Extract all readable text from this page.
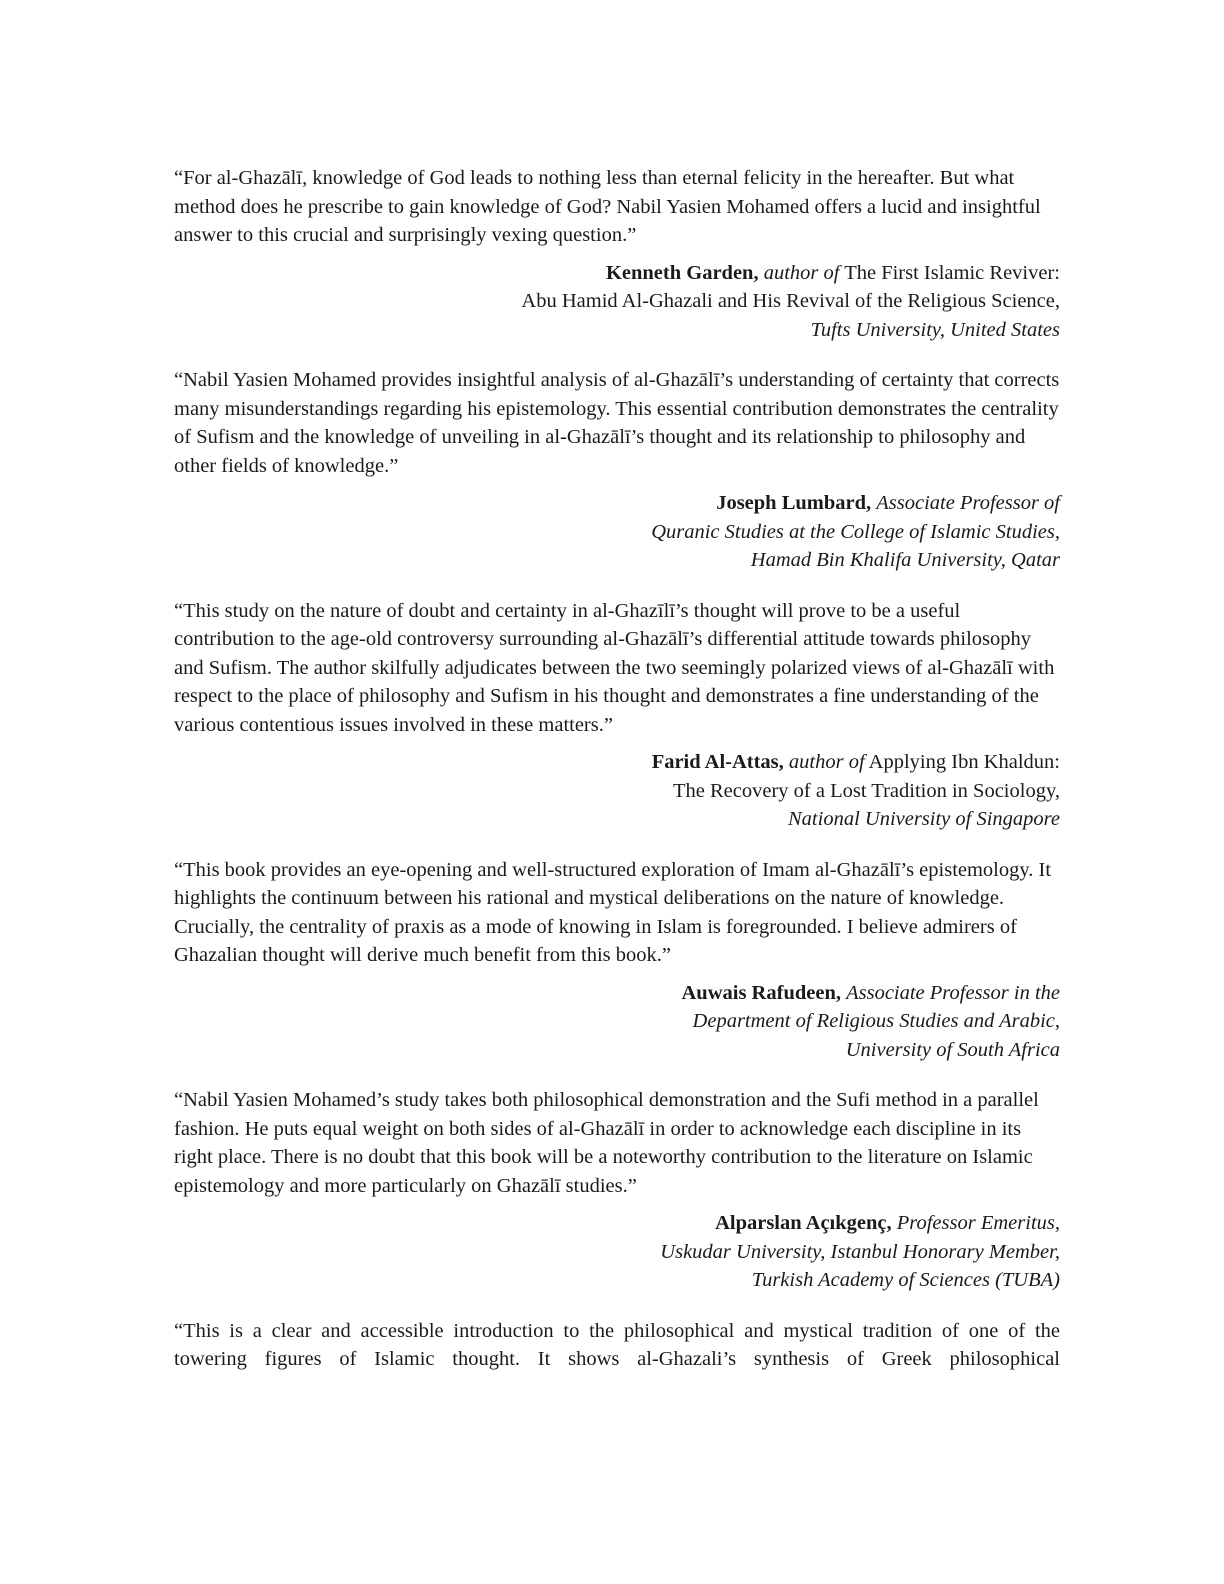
“For al-Ghazālī, knowledge of God leads to nothing less than eternal felicity in the hereafter. But what method does he prescribe to gain knowledge of God? Nabil Yasien Mohamed offers a lucid and insightful answer to this crucial and surprisingly vexing question.”

Kenneth Garden, author of The First Islamic Reviver:
Abu Hamid Al-Ghazali and His Revival of the Religious Science,
Tufts University, United States

“Nabil Yasien Mohamed provides insightful analysis of al-Ghazālī’s understanding of certainty that corrects many misunderstandings regarding his epistemology. This essential contribution demonstrates the centrality of Sufism and the knowledge of unveiling in al-Ghazālī’s thought and its relationship to philosophy and other fields of knowledge.”

Joseph Lumbard, Associate Professor of
Quranic Studies at the College of Islamic Studies,
Hamad Bin Khalifa University, Qatar

“This study on the nature of doubt and certainty in al-Ghazīlī’s thought will prove to be a useful contribution to the age-old controversy surrounding al-Ghazālī’s differential attitude towards philosophy and Sufism. The author skilfully adjudicates between the two seemingly polarized views of al-Ghazālī with respect to the place of philosophy and Sufism in his thought and demonstrates a fine understanding of the various contentious issues involved in these matters.”

Farid Al-Attas, author of Applying Ibn Khaldun:
The Recovery of a Lost Tradition in Sociology,
National University of Singapore

“This book provides an eye-opening and well-structured exploration of Imam al-Ghazālī’s epistemology. It highlights the continuum between his rational and mystical deliberations on the nature of knowledge. Crucially, the centrality of praxis as a mode of knowing in Islam is foregrounded. I believe admirers of Ghazalian thought will derive much benefit from this book.”

Auwais Rafudeen, Associate Professor in the
Department of Religious Studies and Arabic,
University of South Africa

“Nabil Yasien Mohamed’s study takes both philosophical demonstration and the Sufi method in a parallel fashion. He puts equal weight on both sides of al-Ghazālī in order to acknowledge each discipline in its right place. There is no doubt that this book will be a noteworthy contribution to the literature on Islamic epistemology and more particularly on Ghazālī studies.”

Alparslan Açıkgenç, Professor Emeritus,
Uskudar University, Istanbul Honorary Member,
Turkish Academy of Sciences (TUBA)

“This is a clear and accessible introduction to the philosophical and mystical tradition of one of the towering figures of Islamic thought. It shows al-Ghazali’s synthesis of Greek philosophical
